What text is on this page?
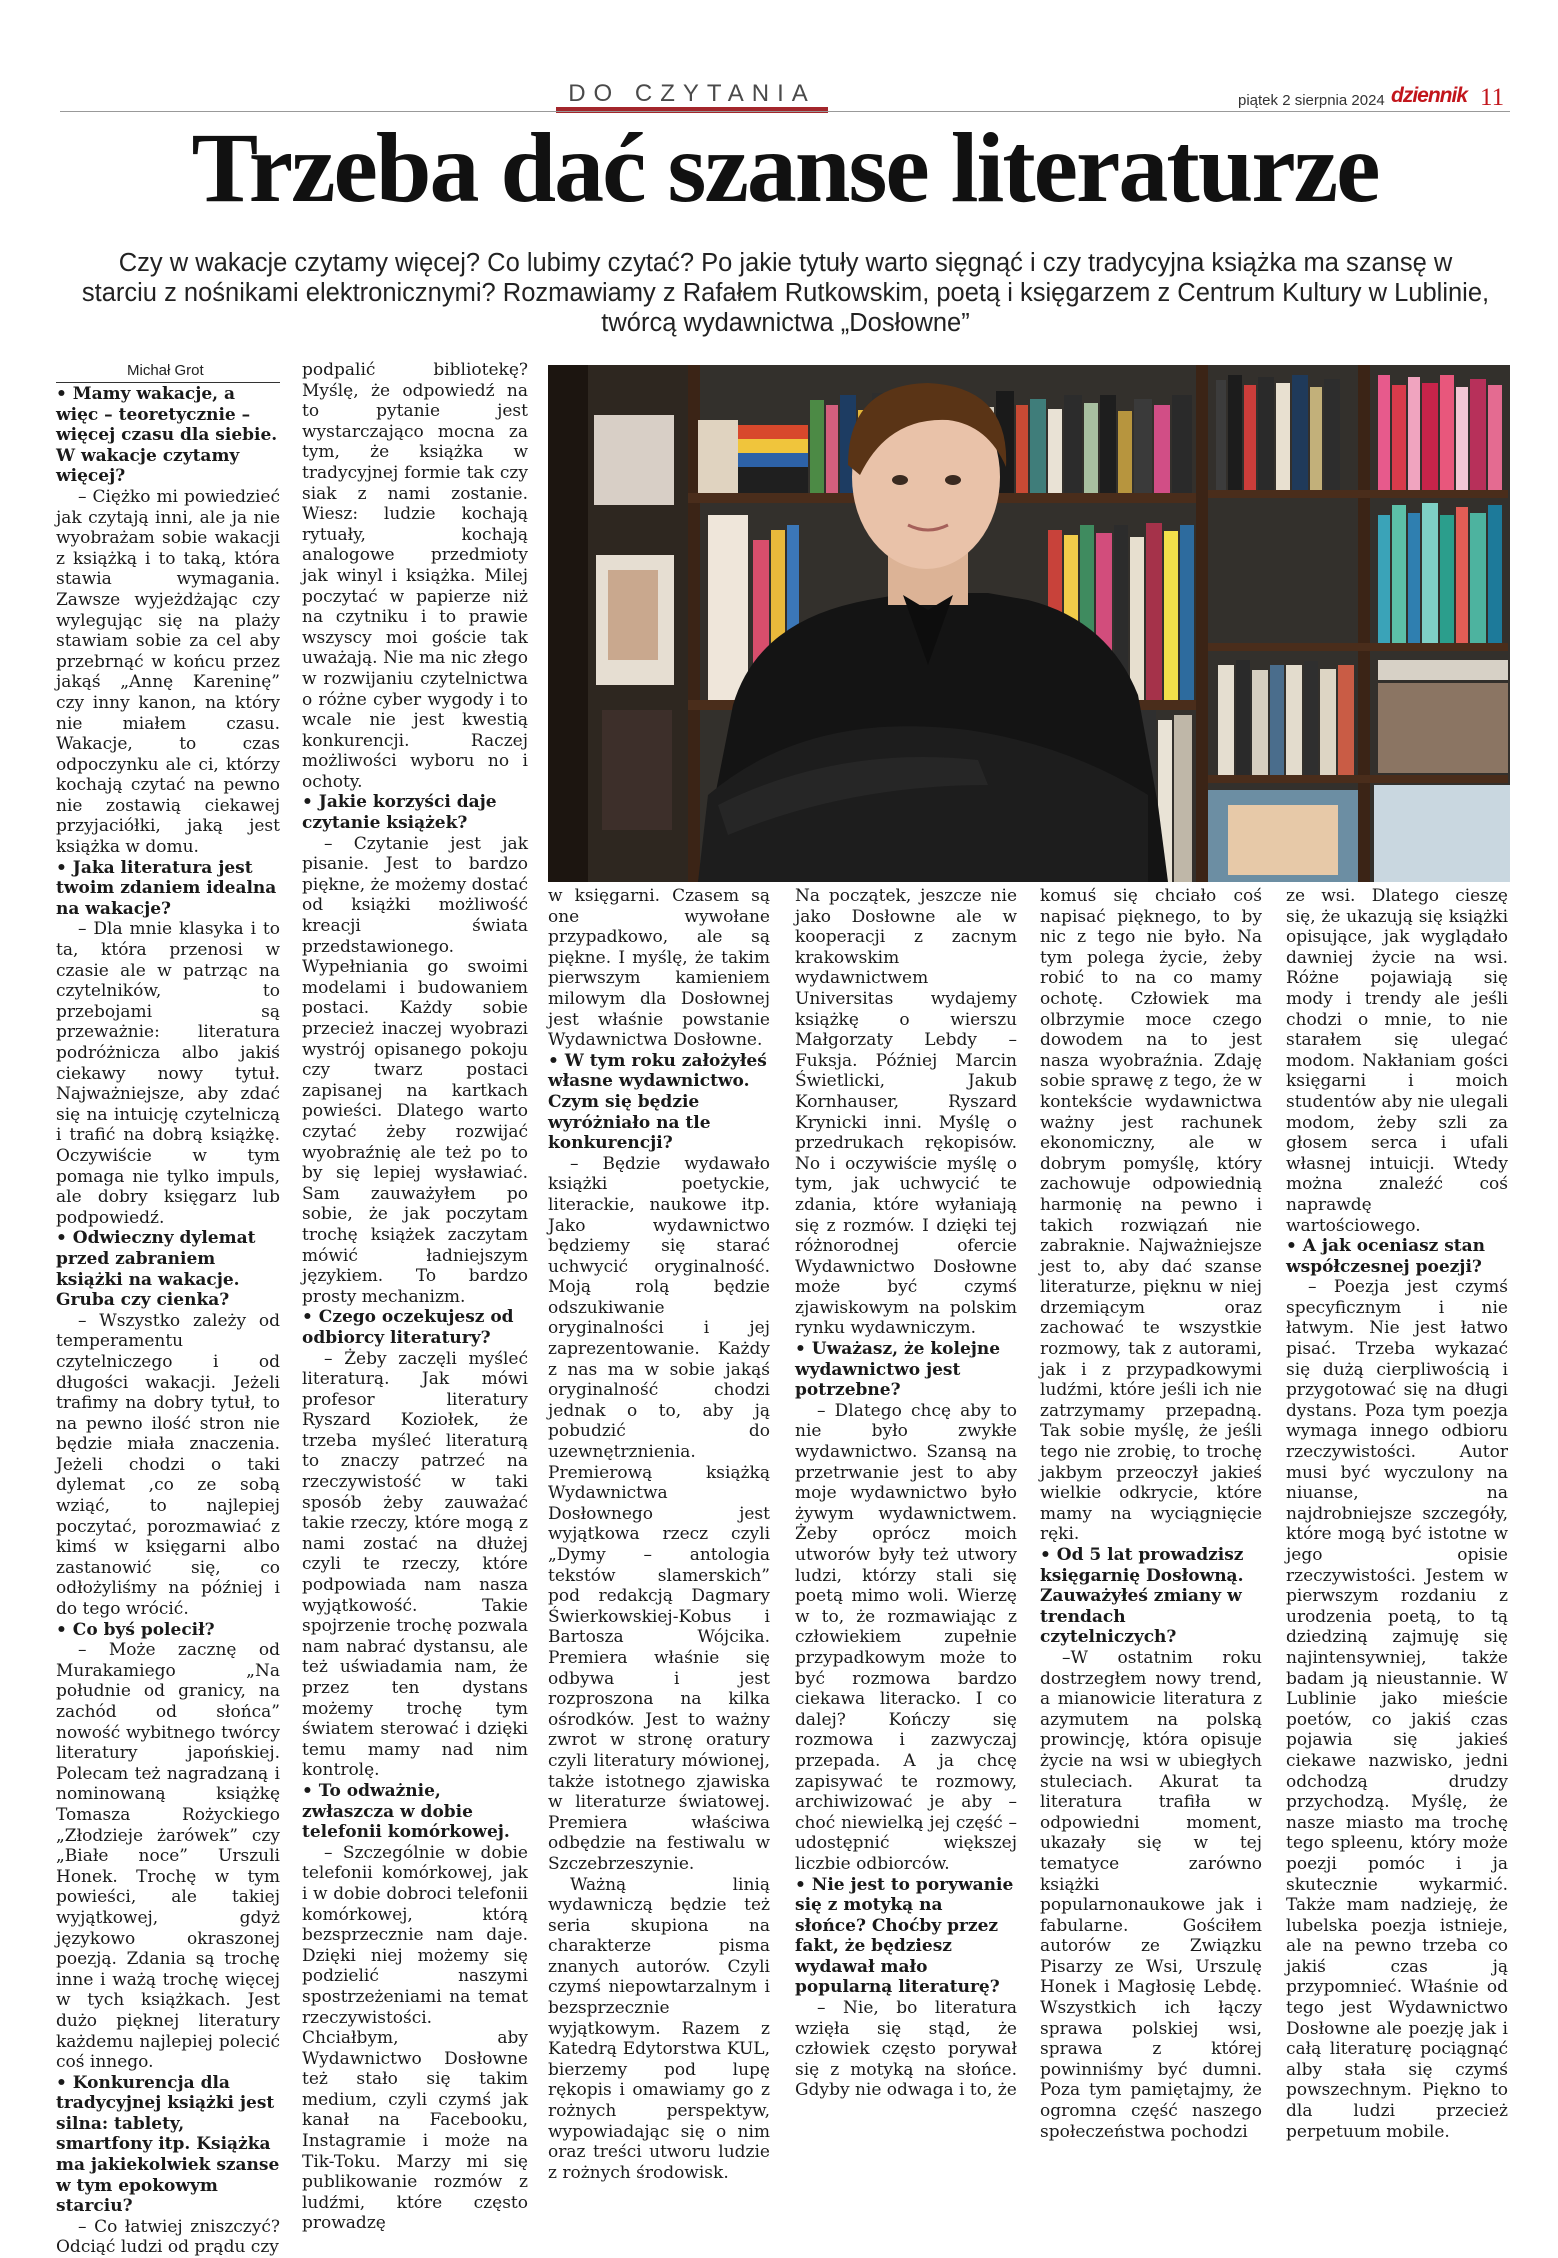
DO CZYTANIA	piątek 2 sierpnia 2024 dziennik 11
Trzeba dać szanse literaturze
Czy w wakacje czytamy więcej? Co lubimy czytać? Po jakie tytuły warto sięgnąć i czy tradycyjna książka ma szansę w starciu z nośnikami elektronicznymi? Rozmawiamy z Rafałem Rutkowskim, poetą i księgarzem z Centrum Kultury w Lublinie, twórcą wydawnictwa „Dosłowne”
Michał Grot

• Mamy wakacje, a więc – teoretycznie – więcej czasu dla siebie. W wakacje czytamy więcej?

– Ciężko mi powiedzieć jak czytają inni, ale ja nie wyobrażam sobie wakacji z książką i to taką, która stawia wymagania. Zawsze wyjeżdżając czy wylegując się na plaży stawiam sobie za cel aby przebrnąć w końcu przez jakąś „Annę Kareninę” czy inny kanon, na który nie miałem czasu. Wakacje, to czas odpoczynku ale ci, którzy kochają czytać na pewno nie zostawią ciekawej przyjaciółki, jaką jest książka w domu.

• Jaka literatura jest twoim zdaniem idealna na wakacje?

– Dla mnie klasyka i to ta, która przenosi w czasie ale w patrząc na czytelników, to przebojami są przeważnie: literatura podróżnicza albo jakiś ciekawy nowy tytuł. Najważniejsze, aby zdać się na intuicję czytelniczą i trafić na dobrą książkę. Oczywiście w tym pomaga nie tylko impuls, ale dobry księgarz lub podpowiedź.

• Odwieczny dylemat przed zabraniem książki na wakacje. Gruba czy cienka?

– Wszystko zależy od temperamentu czytelniczego i od długości wakacji. Jeżeli trafimy na dobry tytuł, to na pewno ilość stron nie będzie miała znaczenia. Jeżeli chodzi o taki dylemat ,co ze sobą wziąć, to najlepiej poczytać, porozmawiać z kimś w księgarni albo zastanowić się, co odłożyliśmy na później i do tego wrócić.

• Co byś polecił?

– Może zacznę od Murakamiego „Na południe od granicy, na zachód od słońca” nowość wybitnego twórcy literatury japońskiej. Polecam też nagradzaną i nominowaną książkę Tomasza Rożyckiego „Złodzieje żarówek” czy „Białe noce” Urszuli Honek. Trochę w tym powieści, ale takiej wyjątkowej, gdyż językowo okraszonej poezją. Zdania są trochę inne i ważą trochę więcej w tych książkach. Jest dużo pięknej literatury każdemu najlepiej polecić coś innego.

• Konkurencja dla tradycyjnej książki jest silna: tablety, smartfony itp. Książka ma jakiekolwiek szanse w tym epokowym starciu?

– Co łatwiej zniszczyć? Odciąć ludzi od prądu czy

podpalić bibliotekę? Myślę, że odpowiedź na to pytanie jest wystarczająco mocna za tym, że książka w tradycyjnej formie tak czy siak z nami zostanie. Wiesz: ludzie kochają rytuały, kochają analogowe przedmioty jak winyl i książka. Milej poczytać w papierze niż na czytniku i to prawie wszyscy moi goście tak uważają. Nie ma nic złego w rozwijaniu czytelnictwa o różne cyber wygody i to wcale nie jest kwestią konkurencji. Raczej możliwości wyboru no i ochoty.

• Jakie korzyści daje czytanie książek?

– Czytanie jest jak pisanie. Jest to bardzo piękne, że możemy dostać od książki możliwość kreacji świata przedstawionego. Wypełniania go swoimi modelami i budowaniem postaci. Każdy sobie przecież inaczej wyobrazi wystrój opisanego pokoju czy twarz postaci zapisanej na kartkach powieści. Dlatego warto czytać żeby rozwijać wyobraźnię ale też po to by się lepiej wysławiać. Sam zauważyłem po sobie, że jak poczytam trochę książek zaczytam mówić ładniejszym językiem. To bardzo prosty mechanizm.

• Czego oczekujesz od odbiorcy literatury?

– Żeby zaczęli myśleć literaturą. Jak mówi profesor literatury Ryszard Koziołek, że trzeba myśleć literaturą to znaczy patrzeć na rzeczywistość w taki sposób żeby zauważać takie rzeczy, które mogą z nami zostać na dłużej czyli te rzeczy, które podpowiada nam nasza wyjątkowość. Takie spojrzenie trochę pozwala nam nabrać dystansu, ale też uświadamia nam, że przez ten dystans możemy trochę tym światem sterować i dzięki temu mamy nad nim kontrolę.

• To odważnie, zwłaszcza w dobie telefonii komórkowej.

– Szczególnie w dobie telefonii komórkowej, jak i w dobie dobroci telefonii komórkowej, którą bezsprzecznie nam daje. Dzięki niej możemy się podzielić naszymi spostrzeżeniami na temat rzeczywistości. Chciałbym, aby Wydawnictwo Dosłowne też stało się takim medium, czyli czymś jak kanał na Facebooku, Instagramie i może na Tik-Toku. Marzy mi się publikowanie rozmów z ludźmi, które często prowadzę

w księgarni. Czasem są one wywołane przypadkowo, ale są piękne. I myślę, że takim pierwszym kamieniem milowym dla Dosłownej jest właśnie powstanie Wydawnictwa Dosłowne.

• W tym roku założyłeś własne wydawnictwo. Czym się będzie wyróżniało na tle konkurencji?

– Będzie wydawało książki poetyckie, literackie, naukowe itp. Jako wydawnictwo będziemy się starać uchwycić oryginalność. Moją rolą będzie odszukiwanie oryginalności i jej zaprezentowanie. Każdy z nas ma w sobie jakąś oryginalność chodzi jednak o to, aby ją pobudzić do uzewnętrznienia. Premierową książką Wydawnictwa Dosłownego jest wyjątkowa rzecz czyli „Dymy – antologia tekstów slamerskich” pod redakcją Dagmary Świerkowskiej-Kobus i Bartosza Wójcika. Premiera właśnie się odbywa i jest rozproszona na kilka ośrodków. Jest to ważny zwrot w stronę oratury czyli literatury mówionej, także istotnego zjawiska w literaturze światowej. Premiera właściwa odbędzie na festiwalu w Szczebrzeszynie.

Ważną linią wydawniczą będzie też seria skupiona na charakterze pisma znanych autorów. Czyli czymś niepowtarzalnym i bezsprzecznie wyjątkowym. Razem z Katedrą Edytorstwa KUL, bierzemy pod lupę rękopis i omawiamy go z rożnych perspektyw, wypowiadając się o nim oraz treści utworu ludzie z rożnych środowisk.

Na początek, jeszcze nie jako Dosłowne ale w kooperacji z zacnym krakowskim wydawnictwem Universitas wydajemy książkę o wierszu Małgorzaty Lebdy – Fuksja. Później Marcin Świetlicki, Jakub Kornhauser, Ryszard Krynicki inni. Myślę o przedrukach rękopisów. No i oczywiście myślę o tym, jak uchwycić te zdania, które wyłaniają się z rozmów. I dzięki tej różnorodnej ofercie Wydawnictwo Dosłowne może być czymś zjawiskowym na polskim rynku wydawniczym.

• Uważasz, że kolejne wydawnictwo jest potrzebne?

– Dlatego chcę aby to nie było zwykłe wydawnictwo. Szansą na przetrwanie jest to aby moje wydawnictwo było żywym wydawnictwem. Żeby oprócz moich utworów były też utwory ludzi, którzy stali się poetą mimo woli. Wierzę w to, że rozmawiając z człowiekiem zupełnie przypadkowym może to być rozmowa bardzo ciekawa literacko. I co dalej? Kończy się rozmowa i zazwyczaj przepada. A ja chcę zapisywać te rozmowy, archiwizować je aby – choć niewielką jej część – udostępnić większej liczbie odbiorców.

• Nie jest to porywanie się z motyką na słońce? Choćby przez fakt, że będziesz wydawał mało popularną literaturę?

– Nie, bo literatura wzięła się stąd, że człowiek często porywał się z motyką na słońce. Gdyby nie odwaga i to, że

komuś się chciało coś napisać pięknego, to by nic z tego nie było. Na tym polega życie, żeby robić to na co mamy ochotę. Człowiek ma olbrzymie moce czego dowodem na to jest nasza wyobraźnia. Zdaję sobie sprawę z tego, że w kontekście wydawnictwa ważny jest rachunek ekonomiczny, ale w dobrym pomyślę, który zachowuje odpowiednią harmonię na pewno i takich rozwiązań nie zabraknie. Najważniejsze jest to, aby dać szanse literaturze, pięknu w niej drzemiącym oraz zachować te wszystkie rozmowy, tak z autorami, jak i z przypadkowymi ludźmi, które jeśli ich nie zatrzymamy przepadną. Tak sobie myślę, że jeśli tego nie zrobię, to trochę jakbym przeoczył jakieś wielkie odkrycie, które mamy na wyciągnięcie ręki.

• Od 5 lat prowadzisz księgarnię Dosłowną. Zauważyłeś zmiany w trendach czytelniczych?

–W ostatnim roku dostrzegłem nowy trend, a mianowicie literatura z azymutem na polską prowincję, która opisuje życie na wsi w ubiegłych stuleciach. Akurat ta literatura trafiła w odpowiedni moment, ukazały się w tej tematyce zarówno książki popularnonaukowe jak i fabularne. Gościłem autorów ze Związku Pisarzy ze Wsi, Urszulę Honek i Magłosię Lebdę. Wszystkich ich łączy sprawa polskiej wsi, sprawa z której powinniśmy być dumni. Poza tym pamiętajmy, że ogromna część naszego społeczeństwa pochodzi

ze wsi. Dlatego cieszę się, że ukazują się książki opisujące, jak wyglądało dawniej życie na wsi. Różne pojawiają się mody i trendy ale jeśli chodzi o mnie, to nie starałem się ulegać modom. Nakłaniam gości księgarni i moich studentów aby nie ulegali modom, żeby szli za głosem serca i ufali własnej intuicji. Wtedy można znaleźć coś naprawdę wartościowego.

• A jak oceniasz stan współczesnej poezji?

– Poezja jest czymś specyficznym i nie łatwym. Nie jest łatwo pisać. Trzeba wykazać się dużą cierpliwością i przygotować się na długi dystans. Poza tym poezja wymaga innego odbioru rzeczywistości. Autor musi być wyczulony na niuanse, na najdrobniejsze szczegóły, które mogą być istotne w jego opisie rzeczywistości. Jestem w pierwszym rozdaniu z urodzenia poetą, to tą dziedziną zajmuję się najintensywniej, także badam ją nieustannie. W Lublinie jako mieście poetów, co jakiś czas pojawia się jakieś ciekawe nazwisko, jedni odchodzą drudzy przychodzą. Myślę, że nasze miasto ma trochę tego spleenu, który może poezji pomóc i ja skutecznie wykarmić. Także mam nadzieję, że lubelska poezja istnieje, ale na pewno trzeba co jakiś czas ją przypomnieć. Właśnie od tego jest Wydawnictwo Dosłowne ale poezję jak i całą literaturę pociągnąć alby stała się czymś powszechnym. Piękno to dla ludzi przecież perpetuum mobile.
